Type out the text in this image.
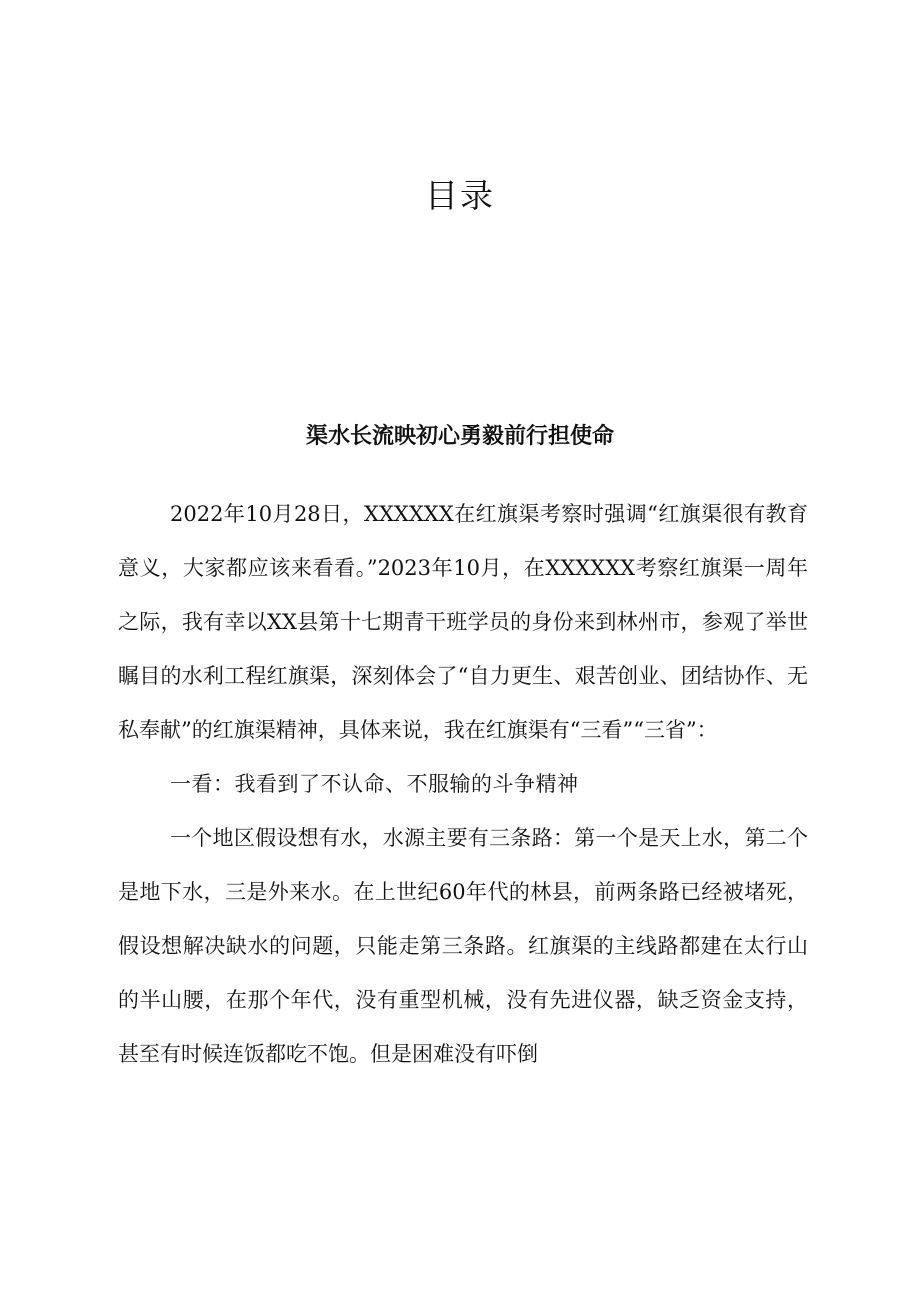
目录
渠水长流映初心勇毅前行担使命

2022年10月28日，XXXXXX在红旗渠考察时强调“红旗渠很有教育意义，大家都应该来看看。”2023年10月，在XXXXXX考察红旗渠一周年之际，我有幸以XX县第十七期青干班学员的身份来到林州市，参观了举世瞩目的水利工程红旗渠，深刻体会了“自力更生、艰苦创业、团结协作、无私奉献”的红旗渠精神，具体来说，我在红旗渠有“三看”“三省”：

一看：我看到了不认命、不服输的斗争精神

一个地区假设想有水，水源主要有三条路：第一个是天上水，第二个是地下水，三是外来水。在上世纪60年代的林县，前两条路已经被堵死，假设想解决缺水的问题，只能走第三条路。红旗渠的主线路都建在太行山的半山腰，在那个年代，没有重型机械，没有先进仪器，缺乏资金支持，甚至有时候连饭都吃不饱。但是困难没有吓倒
